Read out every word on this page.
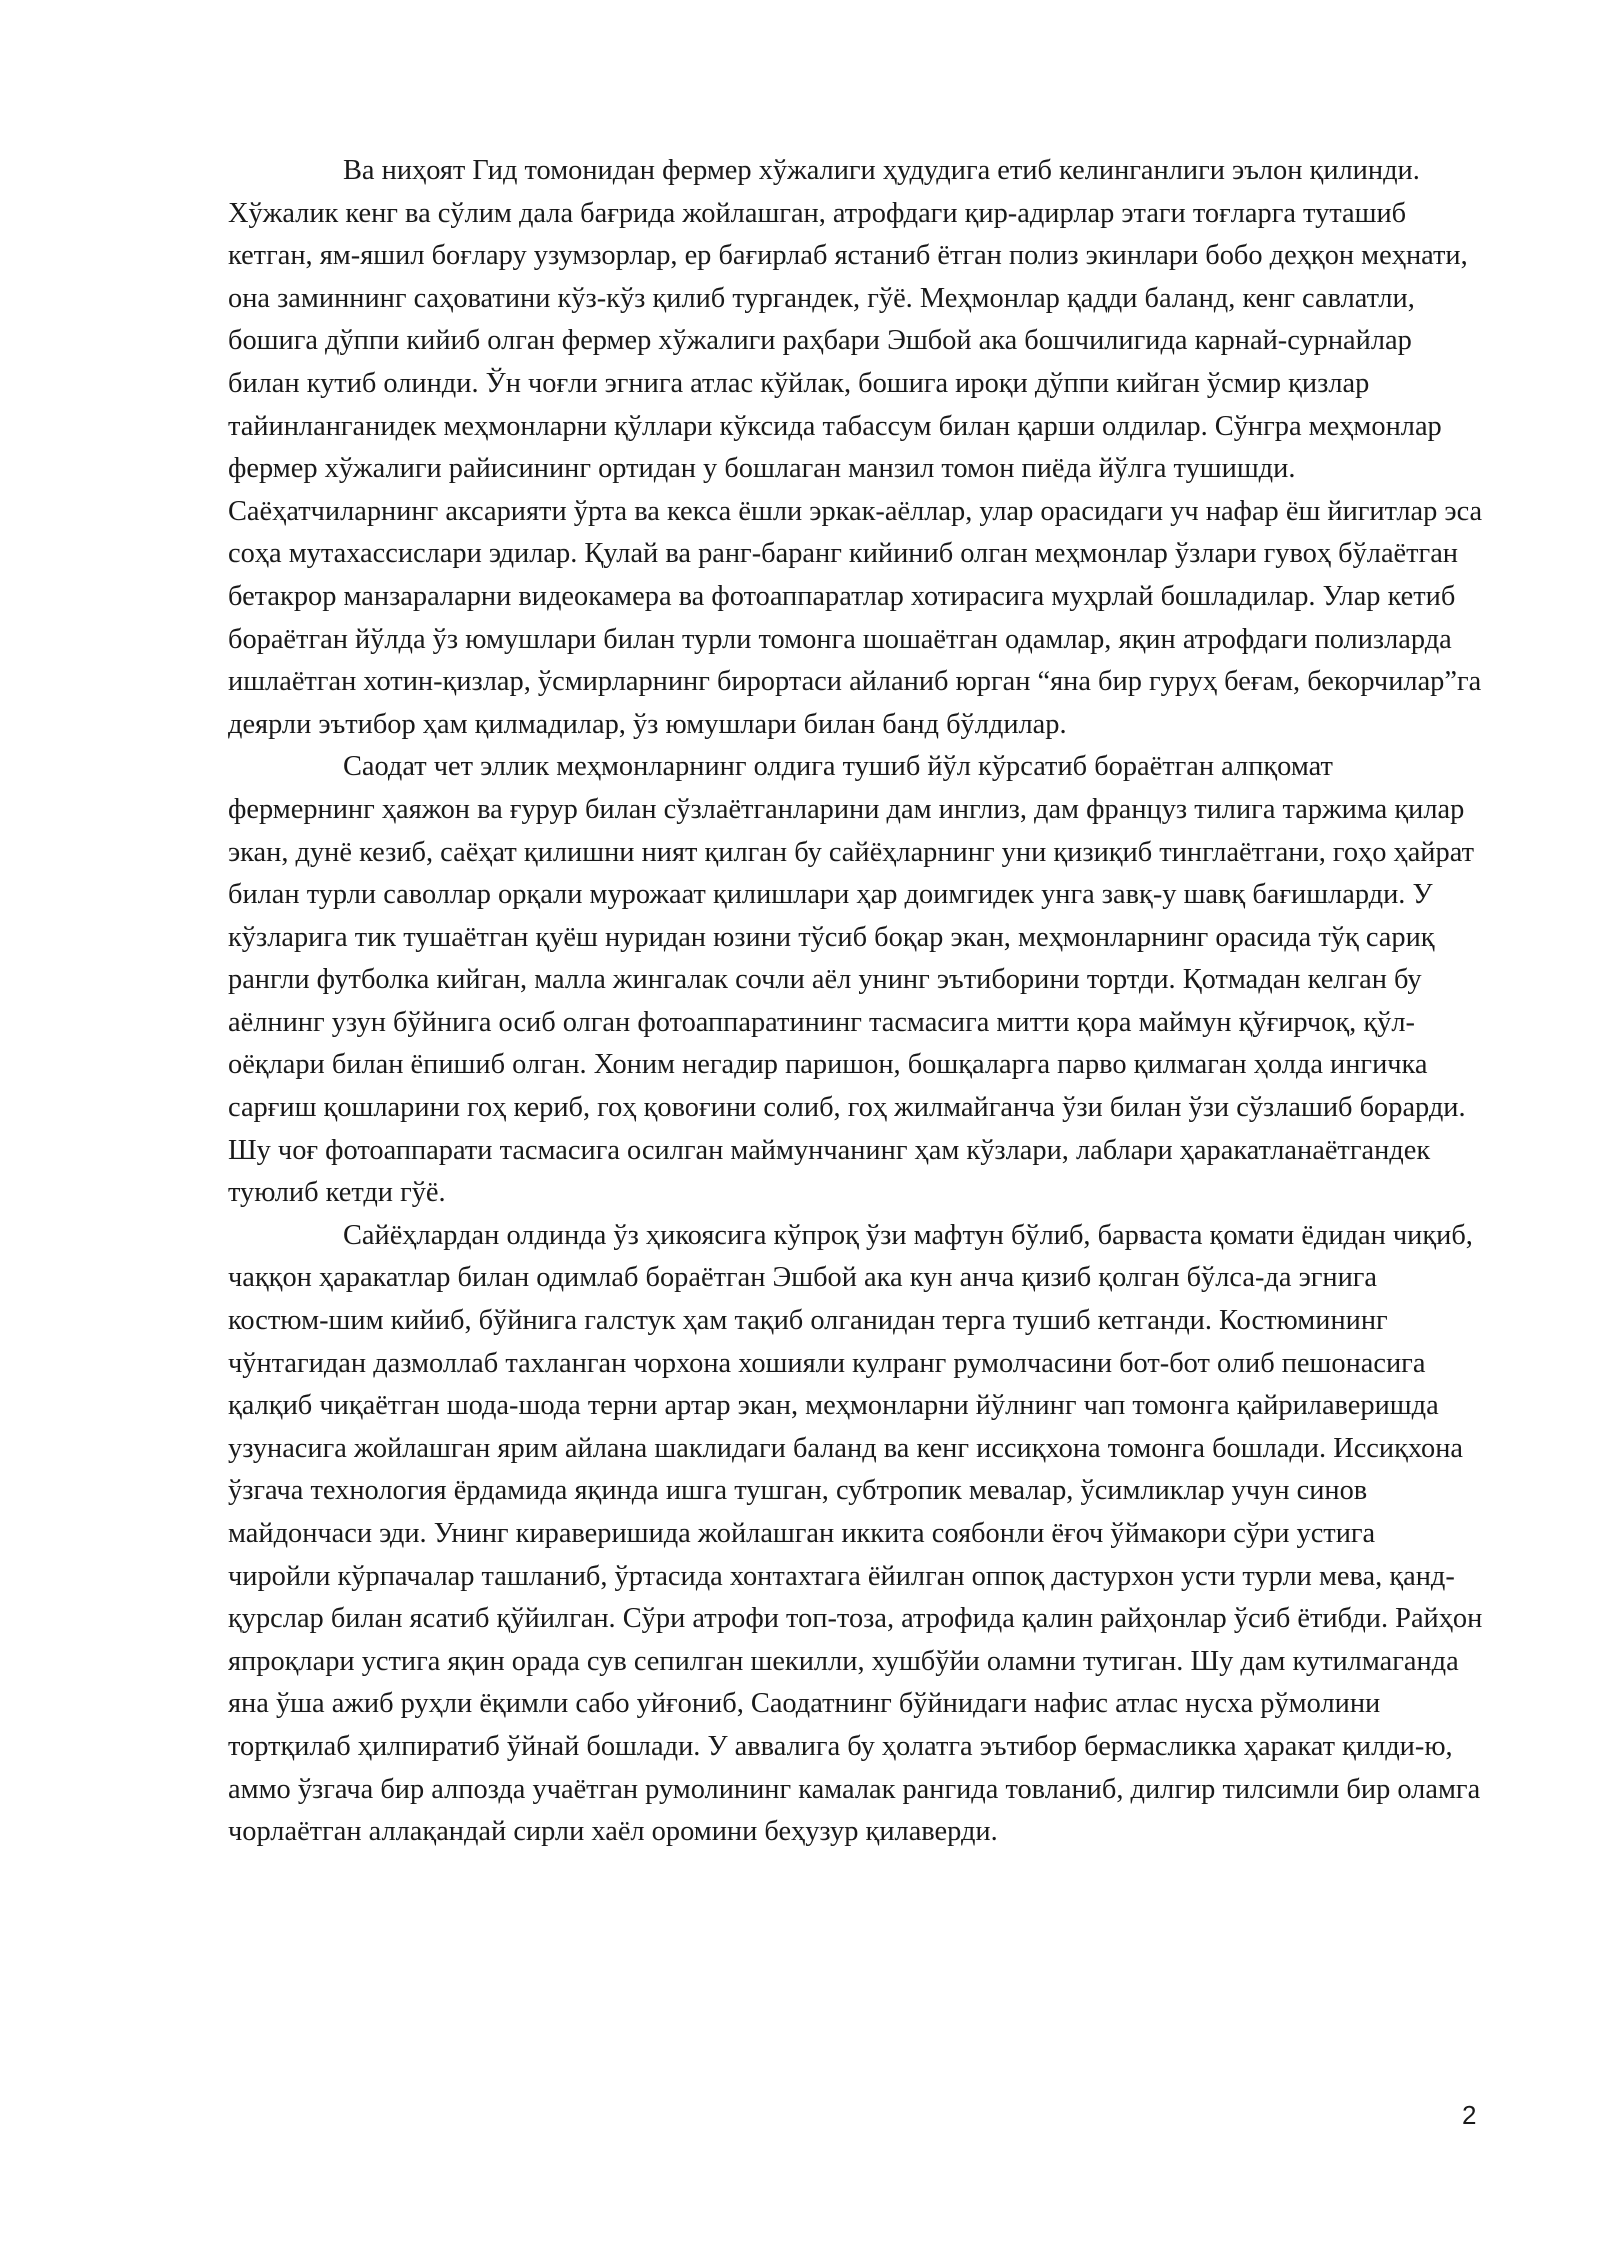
Ва ниҳоят Гид томонидан фермер хўжалиги ҳудудига етиб келинганлиги эълон қилинди. Хўжалик кенг ва сўлим дала бағрида жойлашган, атрофдаги қир-адирлар этаги тоғларга туташиб кетган, ям-яшил боғлару узумзорлар, ер бағирлаб ястаниб ётган полиз экинлари бобо деҳқон меҳнати, она заминнинг саҳоватини кўз-кўз қилиб тургандек, гўё. Меҳмонлар қадди баланд, кенг савлатли, бошига дўппи кийиб олган фермер хўжалиги раҳбари Эшбой ака бошчилигида карнай-сурнайлар билан кутиб олинди. Ўн чоғли эгнига атлас кўйлак, бошига ироқи дўппи кийган ўсмир қизлар тайинланганидек меҳмонларни қўллари кўксида табассум билан қарши олдилар. Сўнгра меҳмонлар фермер хўжалиги райисининг ортидан у бошлаган манзил томон пиёда йўлга тушишди. Саёҳатчиларнинг аксарияти ўрта ва кекса ёшли эркак-аёллар, улар орасидаги уч нафар ёш йигитлар эса соҳа мутахассислари эдилар. Қулай ва ранг-баранг кийиниб олган меҳмонлар ўзлари гувоҳ бўлаётган бетакрор манзараларни видеокамера ва фотоаппаратлар хотирасига муҳрлай бошладилар. Улар кетиб бораётган йўлда ўз юмушлари билан турли томонга шошаётган одамлар, яқин атрофдаги полизларда ишлаётган хотин-қизлар, ўсмирларнинг бирортаси айланиб юрган “яна бир гуруҳ беғам, бекорчилар”га деярли эътибор ҳам қилмадилар, ўз юмушлари билан банд бўлдилар.

Саодат чет эллик меҳмонларнинг олдига тушиб йўл кўрсатиб бораётган алпқомат фермернинг ҳаяжон ва ғурур билан сўзлаётганларини дам инглиз, дам француз тилига таржима қилар экан, дунё кезиб, саёҳат қилишни ният қилган бу сайёҳларнинг уни қизиқиб тинглаётгани, гоҳо ҳайрат билан турли саволлар орқали мурожаат қилишлари ҳар доимгидек унга завқ-у шавқ бағишларди. У кўзларига тик тушаётган қуёш нуридан юзини тўсиб боқар экан, меҳмонларнинг орасида тўқ сариқ рангли футболка кийган, малла жингалак сочли аёл унинг эътиборини тортди. Қотмадан келган бу аёлнинг узун бўйнига осиб олган фотоаппаратининг тасмасига митти қора маймун қўғирчоқ, қўл-оёқлари билан ёпишиб олган. Хоним негадир паришон, бошқаларга парво қилмаган ҳолда ингичка сарғиш қошларини гоҳ кериб, гоҳ қовоғини солиб, гоҳ жилмайганча ўзи билан ўзи сўзлашиб борарди. Шу чоғ фотоаппарати тасмасига осилган маймунчанинг ҳам кўзлари, лаблари ҳаракатланаётгандек туюлиб кетди гўё.

Сайёҳлардан олдинда ўз ҳикоясига кўпроқ ўзи мафтун бўлиб, барваста қомати ёдидан чиқиб, чаққон ҳаракатлар билан одимлаб бораётган Эшбой ака кун анча қизиб қолган бўлса-да эгнига костюм-шим кийиб, бўйнига галстук ҳам тақиб олганидан терга тушиб кетганди. Костюмининг чўнтагидан дазмоллаб тахланган чорхона хошияли кулранг румолчасини бот-бот олиб пешонасига қалқиб чиқаётган шода-шода терни артар экан, меҳмонларни йўлнинг чап томонга қайрилаверишда узунасига жойлашган ярим айлана шаклидаги баланд ва кенг иссиқхона томонга бошлади. Иссиқхона ўзгача технология ёрдамида яқинда ишга тушган, субтропик мевалар, ўсимликлар учун синов майдончаси эди. Унинг кираверишида жойлашган иккита соябонли ёғоч ўймакори сўри устига чиройли кўрпачалар ташланиб, ўртасида хонтахтага ёйилган оппоқ дастурхон усти турли мева, қанд-қурслар билан ясатиб қўйилган. Сўри атрофи топ-тоза, атрофида қалин райҳонлар ўсиб ётибди. Райҳон япроқлари устига яқин орада сув сепилган шекилли, хушбўйи оламни тутиган. Шу дам кутилмаганда яна ўша ажиб руҳли ёқимли сабо уйғониб, Саодатнинг бўйнидаги нафис атлас нусха рўмолини тортқилаб ҳилпиратиб ўйнай бошлади. У аввалига бу ҳолатга эътибор бермасликка ҳаракат қилди-ю, аммо ўзгача бир алпозда учаётган румолининг камалак рангида товланиб, дилгир тилсимли бир оламга чорлаётган аллақандай сирли хаёл оромини беҳузур қилаверди.

2
